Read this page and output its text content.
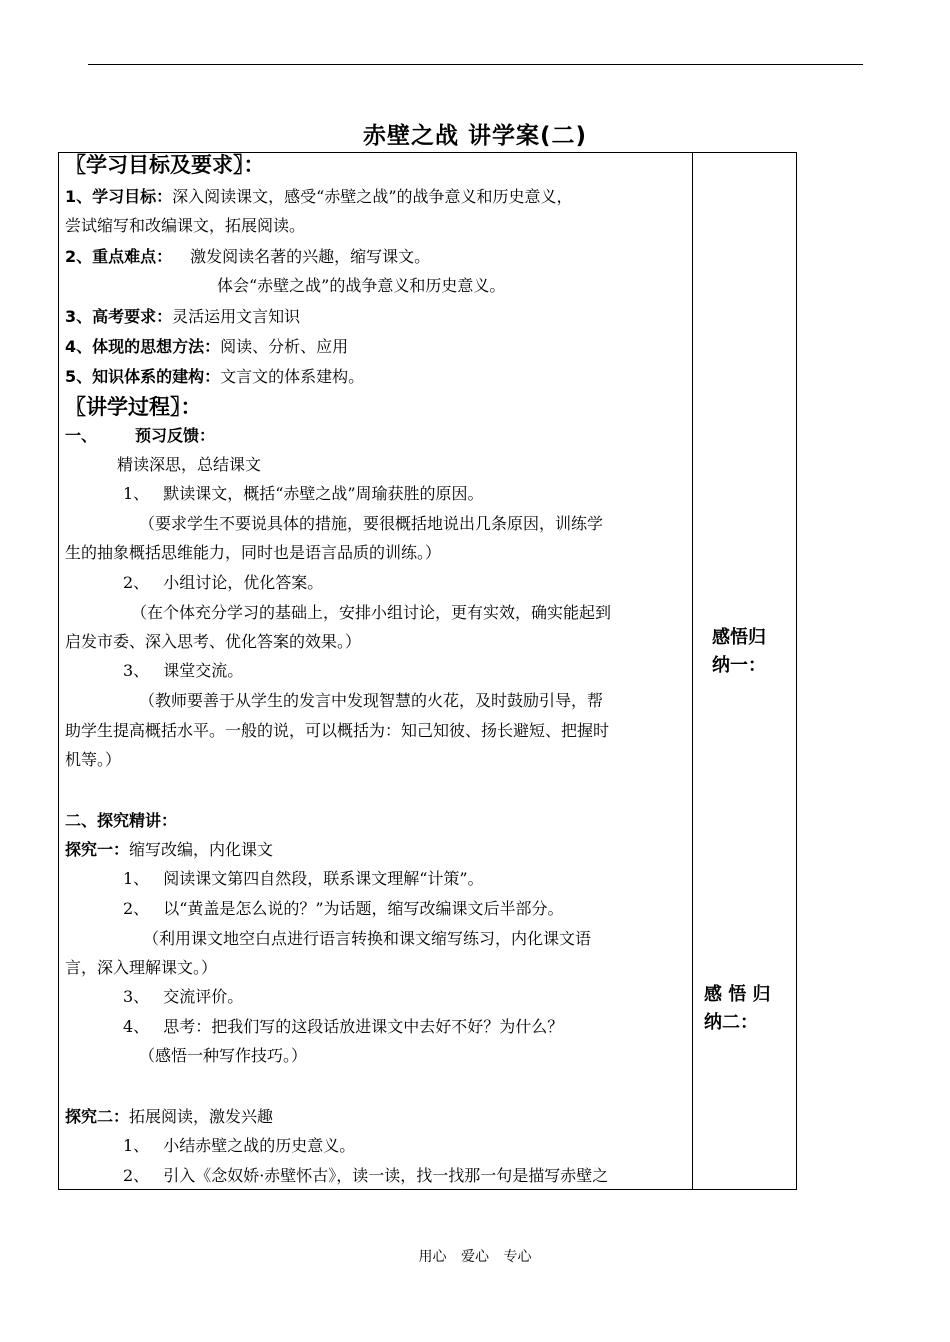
赤壁之战 讲学案(二)
〖学习目标及要求〗：
1、学习目标：深入阅读课文，感受“赤壁之战”的战争意义和历史意义，
尝试缩写和改编课文，拓展阅读。
2、重点难点： 激发阅读名著的兴趣，缩写课文。
体会“赤壁之战”的战争意义和历史意义。
3、高考要求：灵活运用文言知识
4、体现的思想方法：阅读、分析、应用
5、知识体系的建构：文言文的体系建构。
〖讲学过程〗：
一、 预习反馈：
精读深思，总结课文
1、 默读课文，概括“赤壁之战”周瑜获胜的原因。
（要求学生不要说具体的措施，要很概括地说出几条原因，训练学
生的抽象概括思维能力，同时也是语言品质的训练。）
2、 小组讨论，优化答案。
（在个体充分学习的基础上，安排小组讨论，更有实效，确实能起到
启发市委、深入思考、优化答案的效果。）
3、 课堂交流。
（教师要善于从学生的发言中发现智慧的火花，及时鼓励引导，帮
助学生提高概括水平。一般的说，可以概括为：知己知彼、扬长避短、把握时
机等。）
二、探究精讲：
探究一：缩写改编，内化课文
1、 阅读课文第四自然段，联系课文理解“计策”。
2、 以“黄盖是怎么说的？”为话题，缩写改编课文后半部分。
（利用课文地空白点进行语言转换和课文缩写练习，内化课文语
言，深入理解课文。）
3、 交流评价。
4、 思考：把我们写的这段话放进课文中去好不好？为什么？
（感悟一种写作技巧。）
探究二：拓展阅读，激发兴趣
1、 小结赤壁之战的历史意义。
2、 引入《念奴娇·赤壁怀古》，读一读，找一找那一句是描写赤壁之
感悟归
纳一：
感 悟 归
纳二：
用心 爱心 专心
